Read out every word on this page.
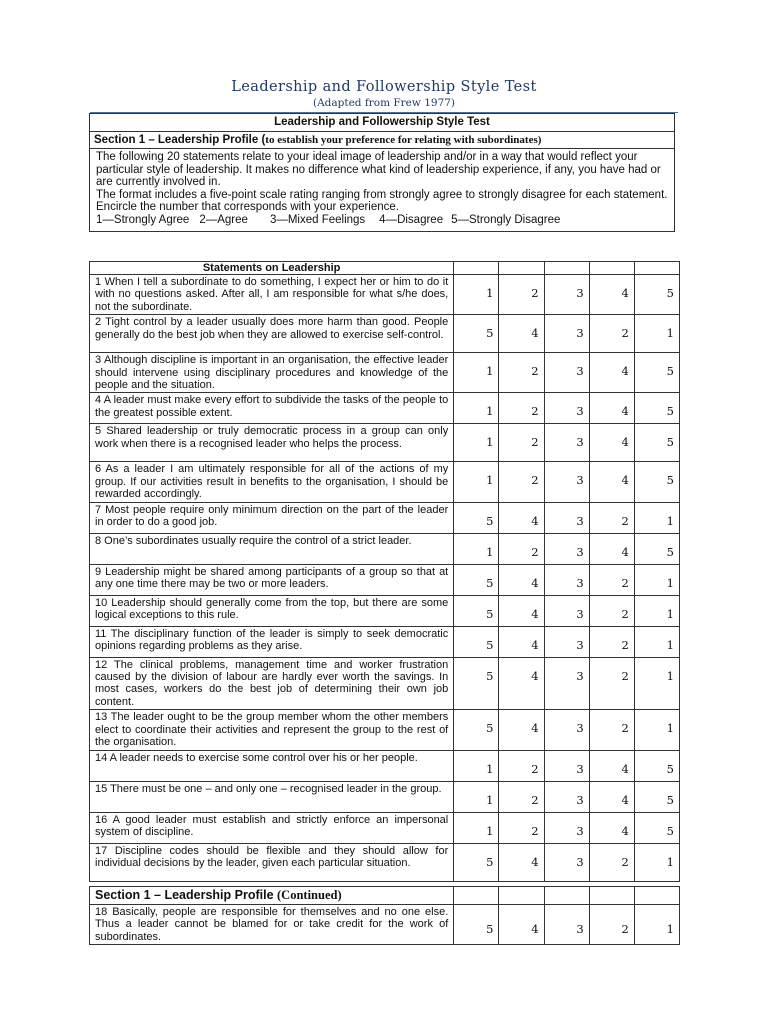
Leadership and Followership Style Test
(Adapted from Frew 1977)
Leadership and Followership Style Test
Section 1 – Leadership Profile (to establish your preference for relating with subordinates)

The following 20 statements relate to your ideal image of leadership and/or in a way that would reflect your particular style of leadership. It makes no difference what kind of leadership experience, if any, you have had or are currently involved in.
The format includes a five-point scale rating ranging from strongly agree to strongly disagree for each statement. Encircle the number that corresponds with your experience.
1—Strongly Agree 2—Agree 3—Mixed Feelings 4—Disagree 5—Strongly Disagree
Statements on Leadership					
1 When I tell a subordinate to do something, I expect her or him to do it with no questions asked. After all, I am responsible for what s/he does, not the subordinate.	1	2	3	4	5
2 Tight control by a leader usually does more harm than good. People generally do the best job when they are allowed to exercise self-control.	5	4	3	2	1
3 Although discipline is important in an organisation, the effective leader should intervene using disciplinary procedures and knowledge of the people and the situation.	1	2	3	4	5
4 A leader must make every effort to subdivide the tasks of the people to the greatest possible extent.	1	2	3	4	5
5 Shared leadership or truly democratic process in a group can only work when there is a recognised leader who helps the process.	1	2	3	4	5
6 As a leader I am ultimately responsible for all of the actions of my group. If our activities result in benefits to the organisation, I should be rewarded accordingly.	1	2	3	4	5
7 Most people require only minimum direction on the part of the leader in order to do a good job.	5	4	3	2	1
8 One’s subordinates usually require the control of a strict leader.	1	2	3	4	5
9 Leadership might be shared among participants of a group so that at any one time there may be two or more leaders.	5	4	3	2	1
10 Leadership should generally come from the top, but there are some logical exceptions to this rule.	5	4	3	2	1
11 The disciplinary function of the leader is simply to seek democratic opinions regarding problems as they arise.	5	4	3	2	1
12 The clinical problems, management time and worker frustration caused by the division of labour are hardly ever worth the savings. In most cases, workers do the best job of determining their own job content.	5	4	3	2	1
13 The leader ought to be the group member whom the other members elect to coordinate their activities and represent the group to the rest of the organisation.	5	4	3	2	1
14 A leader needs to exercise some control over his or her people.	1	2	3	4	5
15 There must be one – and only one – recognised leader in the group.	1	2	3	4	5
16 A good leader must establish and strictly enforce an impersonal system of discipline.	1	2	3	4	5
17 Discipline codes should be flexible and they should allow for individual decisions by the leader, given each particular situation.	5	4	3	2	1
Section 1 – Leadership Profile (Continued)					
18 Basically, people are responsible for themselves and no one else. Thus a leader cannot be blamed for or take credit for the work of subordinates.	5	4	3	2	1
